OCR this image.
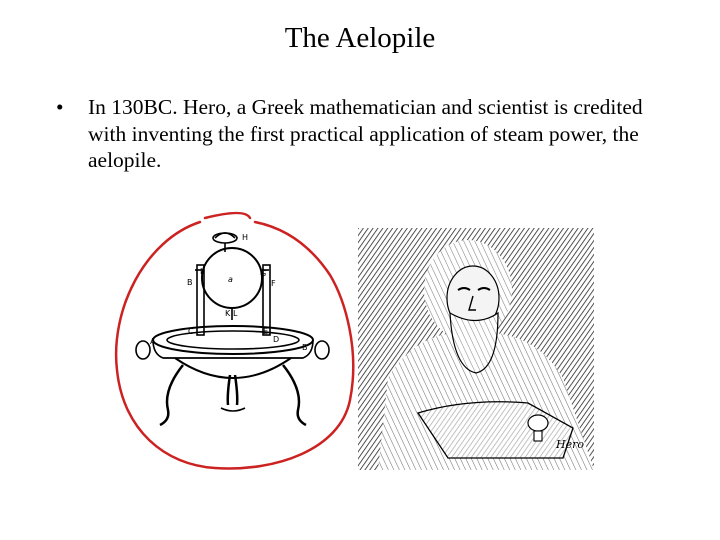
The Aelopile
• In 130BC. Hero, a Greek mathematician and scientist is credited with inventing the first practical application of steam power, the aelopile.
H
I	G
a
B	F
K L
C	E
D
A
B
Hero
